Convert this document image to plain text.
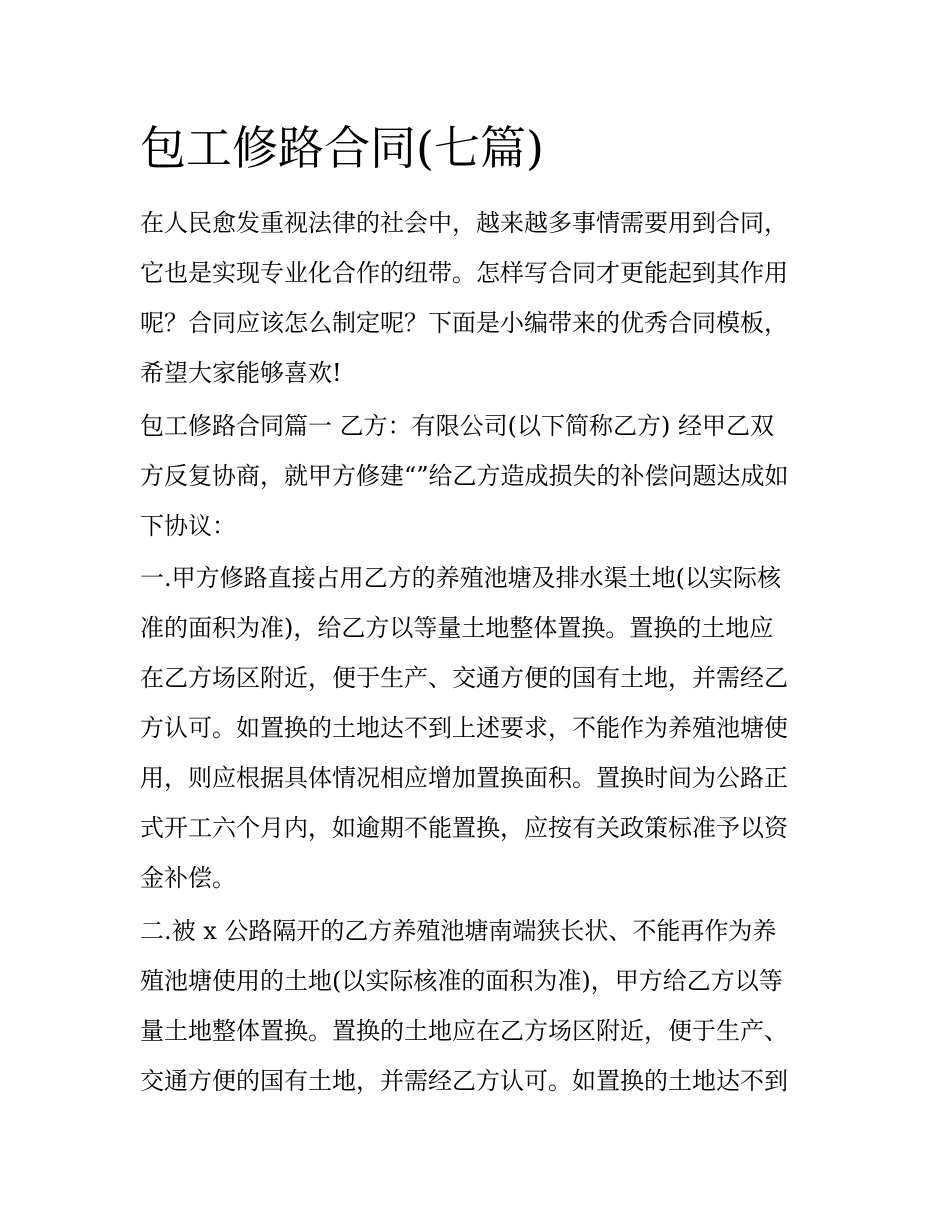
包工修路合同(七篇)

在人民愈发重视法律的社会中，越来越多事情需要用到合同，

它也是实现专业化合作的纽带。怎样写合同才更能起到其作用

呢？合同应该怎么制定呢？下面是小编带来的优秀合同模板，

希望大家能够喜欢!

包工修路合同篇一 乙方：有限公司(以下简称乙方) 经甲乙双

方反复协商，就甲方修建“”给乙方造成损失的补偿问题达成如

下协议：

一.甲方修路直接占用乙方的养殖池塘及排水渠土地(以实际核

准的面积为准)，给乙方以等量土地整体置换。置换的土地应

在乙方场区附近，便于生产、交通方便的国有土地，并需经乙

方认可。如置换的土地达不到上述要求，不能作为养殖池塘使

用，则应根据具体情况相应增加置换面积。置换时间为公路正

式开工六个月内，如逾期不能置换，应按有关政策标准予以资

金补偿。

二.被 x 公路隔开的乙方养殖池塘南端狭长状、不能再作为养

殖池塘使用的土地(以实际核准的面积为准)，甲方给乙方以等

量土地整体置换。置换的土地应在乙方场区附近，便于生产、

交通方便的国有土地，并需经乙方认可。如置换的土地达不到
